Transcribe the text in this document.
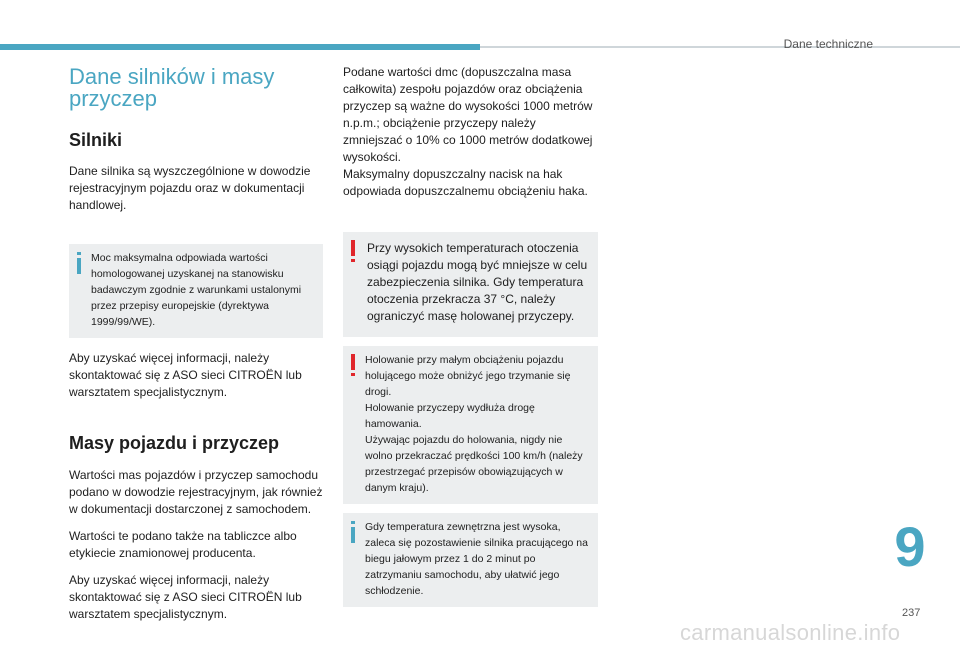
Dane techniczne
Dane silników i masy przyczep
Silniki

Dane silnika są wyszczególnione w dowodzie rejestracyjnym pojazdu oraz w dokumentacji handlowej.

Moc maksymalna odpowiada wartości homologowanej uzyskanej na stanowisku badawczym zgodnie z warunkami ustalonymi przez przepisy europejskie (dyrektywa 1999/99/WE).

Aby uzyskać więcej informacji, należy skontaktować się z ASO sieci CITROËN lub warsztatem specjalistycznym.

Masy pojazdu i przyczep

Wartości mas pojazdów i przyczep samochodu podano w dowodzie rejestracyjnym, jak również w dokumentacji dostarczonej z samochodem.

Wartości te podano także na tabliczce albo etykiecie znamionowej producenta.

Aby uzyskać więcej informacji, należy skontaktować się z ASO sieci CITROËN lub warsztatem specjalistycznym.

Podane wartości dmc (dopuszczalna masa całkowita) zespołu pojazdów oraz obciążenia przyczep są ważne do wysokości 1000 metrów n.p.m.; obciążenie przyczepy należy zmniejszać o 10% co 1000 metrów dodatkowej wysokości.

Maksymalny dopuszczalny nacisk na hak odpowiada dopuszczalnemu obciążeniu haka.

Przy wysokich temperaturach otoczenia osiągi pojazdu mogą być mniejsze w celu zabezpieczenia silnika. Gdy temperatura otoczenia przekracza 37 °C, należy ograniczyć masę holowanej przyczepy.
Holowanie przy małym obciążeniu pojazdu holującego może obniżyć jego trzymanie się drogi.
Holowanie przyczepy wydłuża drogę hamowania.
Używając pojazdu do holowania, nigdy nie wolno przekraczać prędkości 100 km/h (należy przestrzegać przepisów obowiązujących w danym kraju).
Gdy temperatura zewnętrzna jest wysoka, zaleca się pozostawienie silnika pracującego na biegu jałowym przez 1 do 2 minut po zatrzymaniu samochodu, aby ułatwić jego schłodzenie.
9
237
carmanualsonline.info
